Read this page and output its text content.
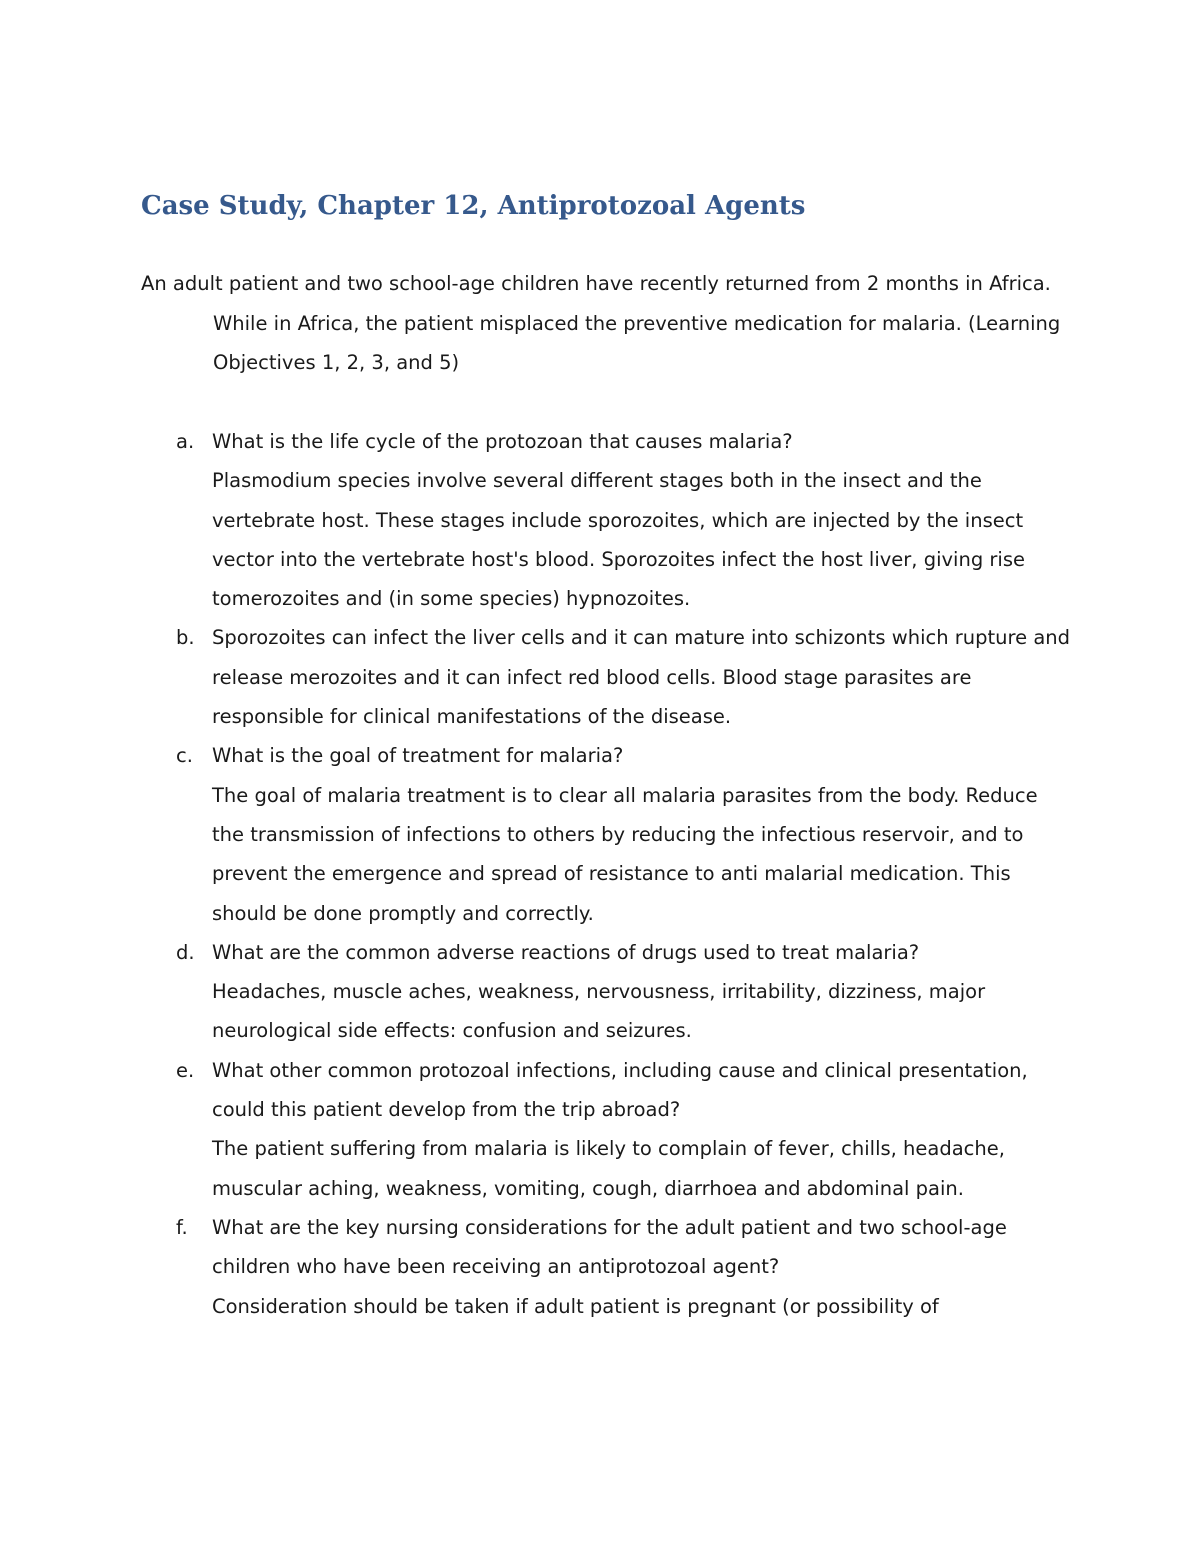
Case Study, Chapter 12, Antiprotozoal Agents

An adult patient and two school-age children have recently returned from 2 months in Africa. While in Africa, the patient misplaced the preventive medication for malaria. (Learning Objectives 1, 2, 3, and 5)

a. What is the life cycle of the protozoan that causes malaria?
Plasmodium species involve several different stages both in the insect and the vertebrate host. These stages include sporozoites, which are injected by the insect vector into the vertebrate host's blood. Sporozoites infect the host liver, giving rise tomerozoites and (in some species) hypnozoites.
b. Sporozoites can infect the liver cells and it can mature into schizonts which rupture and release merozoites and it can infect red blood cells. Blood stage parasites are responsible for clinical manifestations of the disease.
c. What is the goal of treatment for malaria?
The goal of malaria treatment is to clear all malaria parasites from the body. Reduce the transmission of infections to others by reducing the infectious reservoir, and to prevent the emergence and spread of resistance to anti malarial medication. This should be done promptly and correctly.
d. What are the common adverse reactions of drugs used to treat malaria?
Headaches, muscle aches, weakness, nervousness, irritability, dizziness, major neurological side effects: confusion and seizures.
e. What other common protozoal infections, including cause and clinical presentation, could this patient develop from the trip abroad?
The patient suffering from malaria is likely to complain of fever, chills, headache, muscular aching, weakness, vomiting, cough, diarrhoea and abdominal pain.
f. What are the key nursing considerations for the adult patient and two school-age children who have been receiving an antiprotozoal agent?
Consideration should be taken if adult patient is pregnant (or possibility of
